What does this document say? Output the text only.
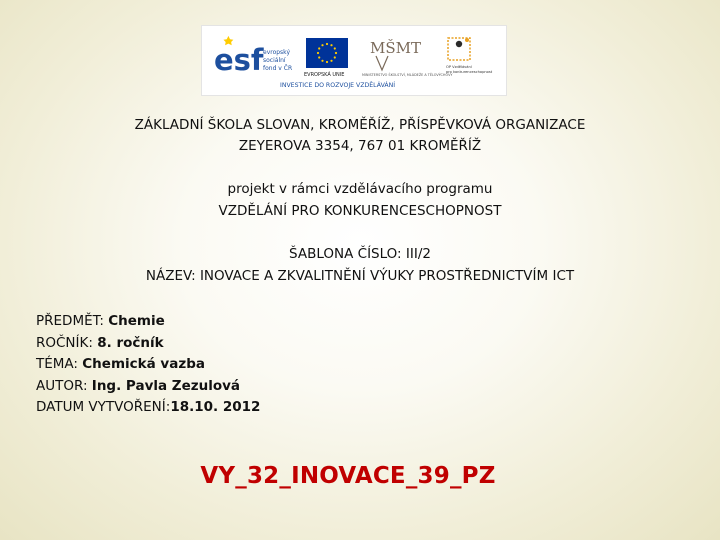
esf evropský
sociální
fond v ČR
EVROPSKÁ UNIE
MŠMT
MINISTERSTVO ŠKOLSTVÍ, MLÁDEŽE A TĚLOVÝCHOVY
OP Vzdělávání
pro konkurenceschopnost
INVESTICE DO ROZVOJE VZDĚLÁVÁNÍ
ZÁKLADNÍ ŠKOLA SLOVAN, KROMĚŘÍŽ, PŘÍSPĚVKOVÁ ORGANIZACE
ZEYEROVA 3354, 767 01 KROMĚŘÍŽ
projekt v rámci vzdělávacího programu
VZDĚLÁNÍ PRO KONKURENCESCHOPNOST
ŠABLONA ČÍSLO: III/2
NÁZEV: INOVACE A ZKVALITNĚNÍ VÝUKY PROSTŘEDNICTVÍM ICT
PŘEDMĚT: Chemie
ROČNÍK: 8. ročník
TÉMA: Chemická vazba
AUTOR: Ing. Pavla Zezulová
DATUM VYTVOŘENÍ:18.10. 2012
VY_32_INOVACE_39_PZ
